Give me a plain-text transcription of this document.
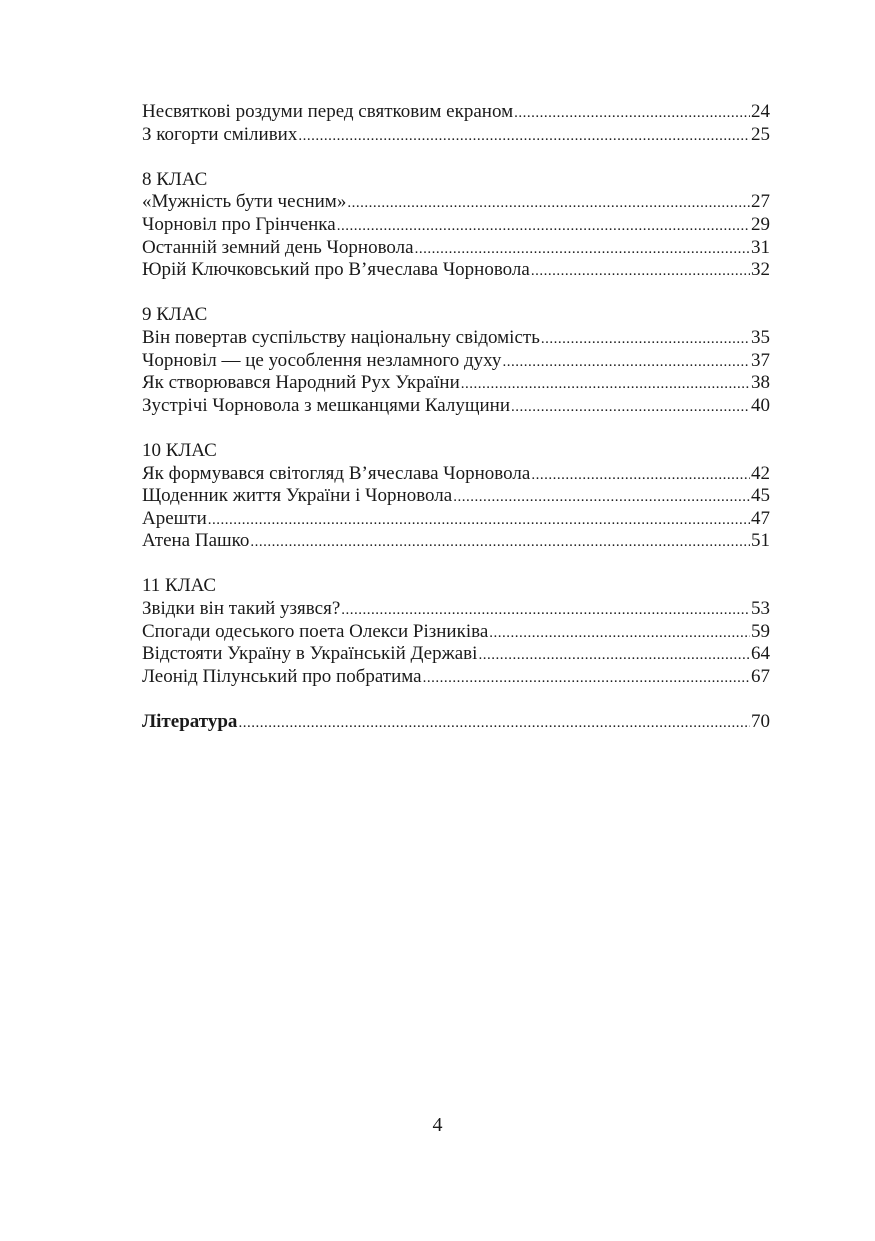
Несвяткові роздуми перед святковим екраном .....	24
З когорти сміливих .....	25
8 КЛАС
«Мужність бути чесним» .....	27
Чорновіл про Грінченка .....	29
Останній земний день Чорновола .....	31
Юрій Ключковський про В’ячеслава Чорновола .....	32
9 КЛАС
Він повертав суспільству національну свідомість .....	35
Чорновіл — це уособлення незламного духу .....	37
Як створювався Народний Рух України .....	38
Зустрічі Чорновола з мешканцями Калущини .....	40
10 КЛАС
Як формувався світогляд В’ячеслава Чорновола .....	42
Щоденник життя України і Чорновола .....	45
Арешти .....	47
Атена Пашко .....	51
11 КЛАС
Звідки він такий узявся? .....	53
Спогади одеського поета Олекси Різниківа .....	59
Відстояти Україну в Українській Державі .....	64
Леонід Пілунський про побратима .....	67
Література .....	70
4
